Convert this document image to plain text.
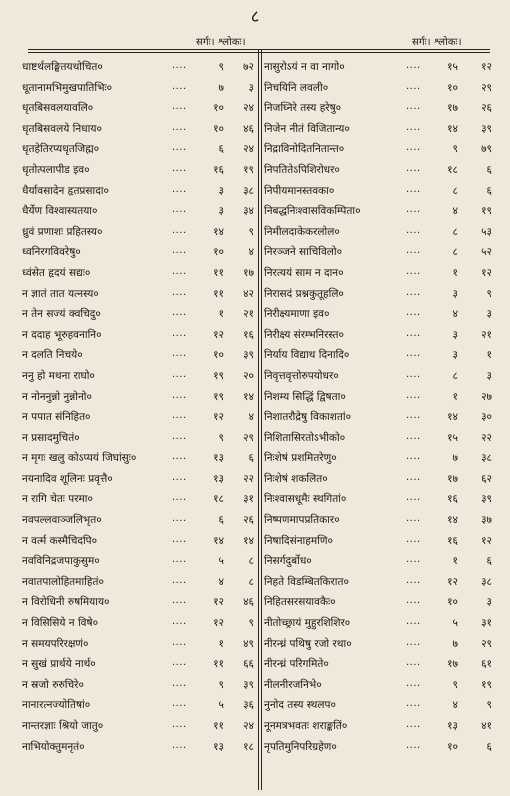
८
सर्गः। श्लोकः।	सर्गः। श्लोकः।
धाष्टर्थलङ्घितयथोचित०	....	९	७२
धूतानामभिमुखपातिभिः०	....	७	३
धृतबिसवलयावलि०	....	१०	२४
धृतबिसवलये निधाय०	....	१०	४६
धृतहेतिरप्यधृतजिह्म०	....	६	२४
धृतोत्पलापीड इव०	....	१६	१९
धैर्यावसादेन हृतप्रसादा०	....	३	३८
धैर्येण विश्वास्यतया०	....	३	३४
ध्रुवं प्रणाशः प्रहितस्य०	....	१४	९
ध्वनिरगविवरेषु०	....	१०	४
ध्वंसेत हृदयं सद्यः०	....	११	१७
न ज्ञातं तात यत्नस्य०	....	११	४२
न तेन सज्यं क्वचिदु०	....	१	२१
न ददाह भूरुहवनानि०	....	१२	१६
न दलति निचये०	....	१०	३९
ननु हो मथना राघो०	....	१९	२०
न नोननुन्नो नुन्नोनो०	....	१९	१४
न पपात संनिहित०	....	१२	४
न प्रसादमुचितं०	....	९	२९
न मृगः खलु कोऽप्ययं जिघांसुः०	....	१३	६
नयनादिव शूलिनः प्रवृत्तै०	....	१३	२२
न रागि चेतः परमा०	....	१८	३१
नवपल्लवाञ्जलिभृत०	....	६	२६
न वर्त्म कस्मैचिदपि०	....	१४	१४
नवविनिद्रजपाकुसुम०	....	५	८
नवातपालोहितमाहितं०	....	४	८
न विरोधिनी रुषमियाय०	....	१२	४६
न विसिसिये न विषे०	....	१२	९
न समयपरिरक्षणं०	....	१	४९
न सुखं प्रार्थये नार्थ०	....	११	६६
न स्रजो रुरुचिरे०	....	९	३९
नानारत्नज्योतिषां०	....	५	३६
नान्तरज्ञाः श्रियो जातु०	....	११	२४
नाभियोक्तुमनृतं०	....	१३	१८
नासुरोऽयं न वा नागो०	....	१५	१२
निचयिनि लवली०	....	१०	२९
निजघ्निरे तस्य हरेषु०	....	१७	२६
निजेन नीतं विजितान्य०	....	१४	३९
निद्राविनोदितनितान्त०	....	९	७९
निपतितेऽपिशिरोधर०	....	१८	६
निपीयमानस्तवका०	....	८	६
निबद्धनिःश्वासविकम्पिता०	....	४	१९
निमीलदाकेकरलोल०	....	८	५३
निरञ्जने साचिविलो०	....	८	५२
निरत्ययं साम न दान०	....	१	१२
निरासदं प्रश्नकुतूहलि०	....	३	९
निरीक्ष्यमाणा इव०	....	४	३
निरीक्ष्य संरम्भनिरस्त०	....	३	२१
निर्याय विद्याथ दिनादि०	....	३	१
निवृत्तवृत्तोरुपयोधर०	....	८	३
निशम्य सिद्धिं द्विषता०	....	१	२७
निशातरौद्रेषु विकाशतां०	....	१४	३०
निशितासिरतोऽभीको०	....	१५	२२
निःशेषं प्रशमितरेणु०	....	७	३८
निःशेषं शकलित०	....	१७	६२
निःश्वासधूमैः स्थगितां०	....	१६	३९
निष्पणमापप्रतिकार०	....	१४	३७
निषादिसंनाहमणि०	....	१६	१२
निसर्गदुर्बोध०	....	१	६
निहते विडम्बितकिरात०	....	१२	३८
निहितसरसयावकैः०	....	१०	३
नीतोच्छ्रायं मुहुरशिशिर०	....	५	३१
नीरन्ध्रं पथिषु रजो रथा०	....	७	२९
नीरन्ध्रं परिगमिते०	....	१७	६१
नीलनीरजनिभे०	....	९	१९
नुनोद तस्य स्थलप०	....	४	९
नूनमत्रभवतः शराङ्कतिं०	....	१३	४१
नृपतिमुनिपरिग्रहेण०	....	१०	६
